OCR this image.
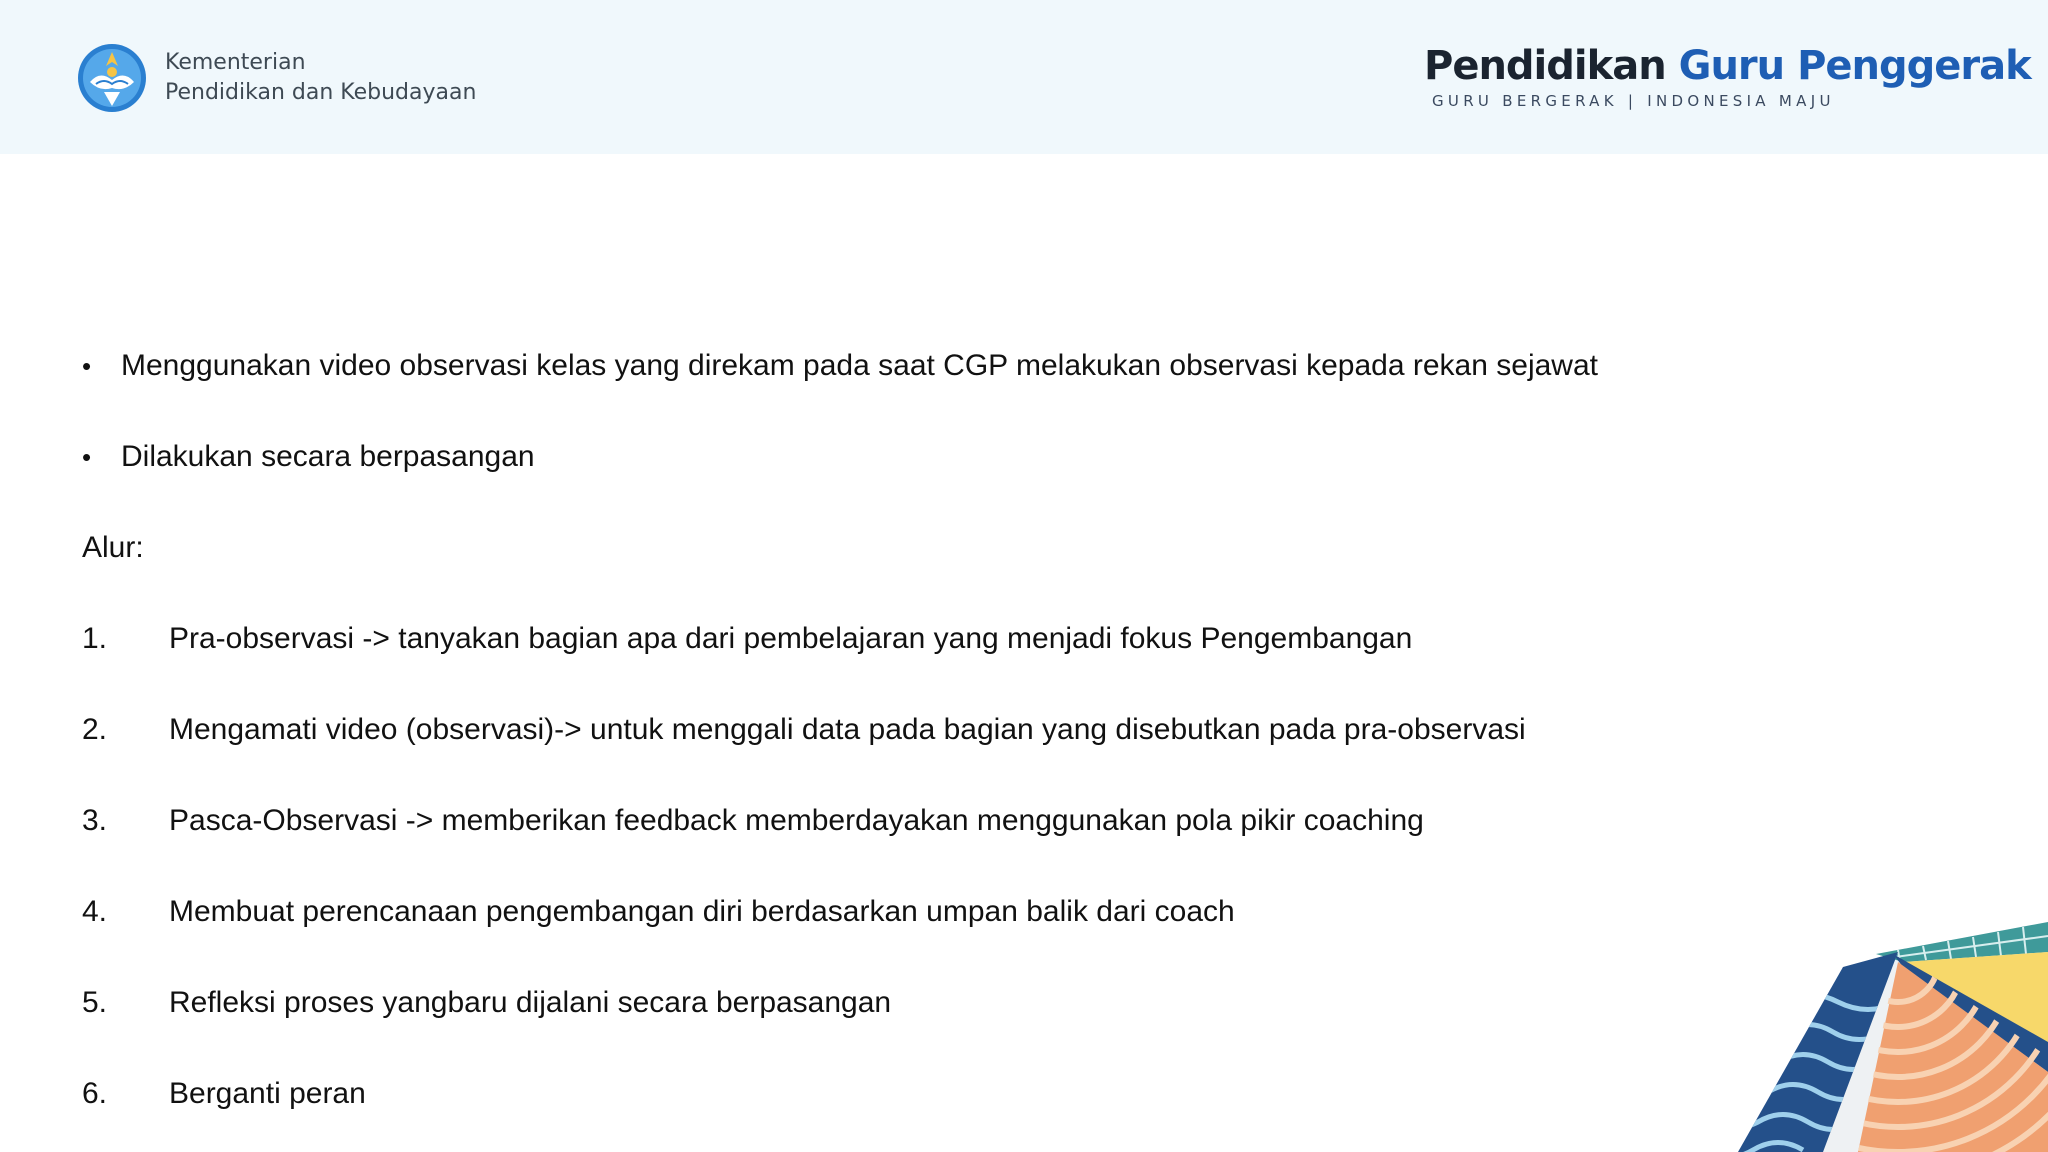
Kementerian
Pendidikan dan Kebudayaan
Pendidikan Guru Penggerak
GURU BERGERAK | INDONESIA MAJU
• Menggunakan video observasi kelas yang direkam pada saat CGP melakukan observasi kepada rekan sejawat
• Dilakukan secara berpasangan
Alur:
1. Pra-observasi -> tanyakan bagian apa dari pembelajaran yang menjadi fokus Pengembangan
2. Mengamati video (observasi)-> untuk menggali data pada bagian yang disebutkan pada pra-observasi
3. Pasca-Observasi -> memberikan feedback memberdayakan menggunakan pola pikir coaching
4. Membuat perencanaan pengembangan diri berdasarkan umpan balik dari coach
5. Refleksi proses yangbaru dijalani secara berpasangan
6. Berganti peran
